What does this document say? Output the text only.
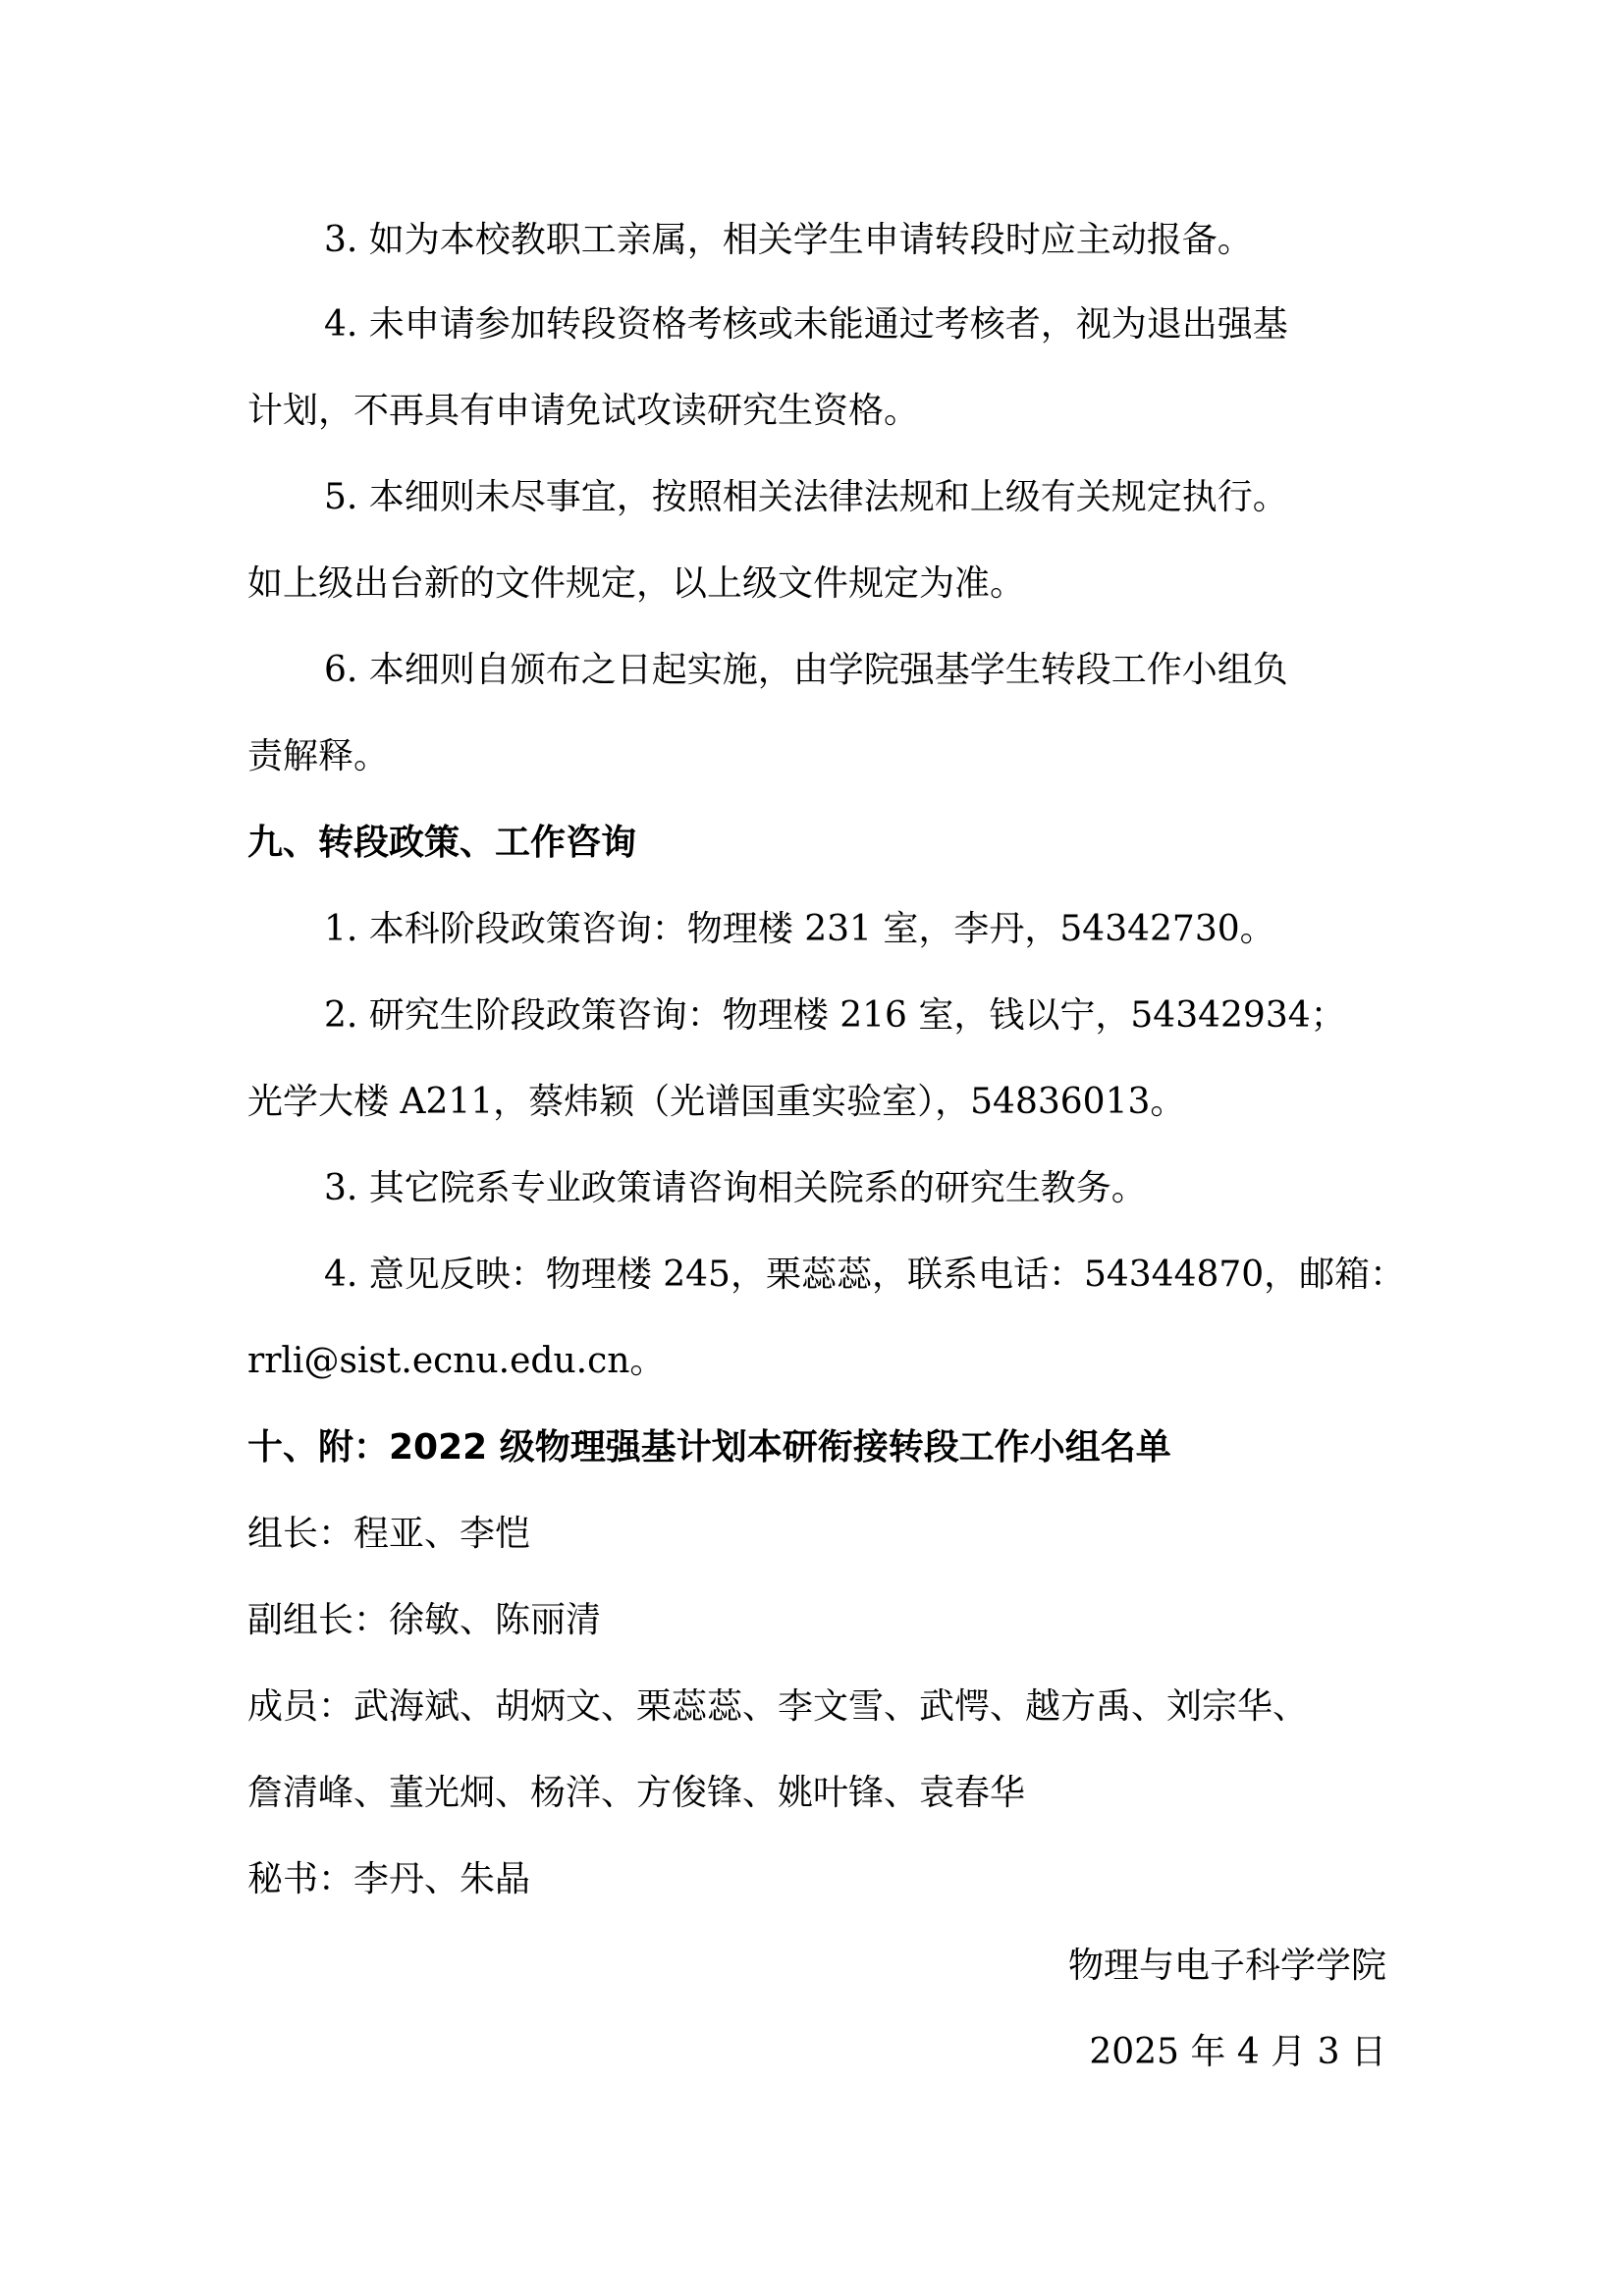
3. 如为本校教职工亲属，相关学生申请转段时应主动报备。
4. 未申请参加转段资格考核或未能通过考核者，视为退出强基
计划，不再具有申请免试攻读研究生资格。
5. 本细则未尽事宜，按照相关法律法规和上级有关规定执行。
如上级出台新的文件规定，以上级文件规定为准。
6. 本细则自颁布之日起实施，由学院强基学生转段工作小组负
责解释。
九、转段政策、工作咨询
1. 本科阶段政策咨询：物理楼 231 室，李丹，54342730。
2. 研究生阶段政策咨询：物理楼 216 室，钱以宁，54342934；
光学大楼 A211，蔡炜颖（光谱国重实验室），54836013。
3. 其它院系专业政策请咨询相关院系的研究生教务。
4. 意见反映：物理楼 245，栗蕊蕊，联系电话：54344870，邮箱：
rrli@sist.ecnu.edu.cn。
十、附：2022 级物理强基计划本研衔接转段工作小组名单
组长：程亚、李恺
副组长：徐敏、陈丽清
成员：武海斌、胡炳文、栗蕊蕊、李文雪、武愕、越方禹、刘宗华、
詹清峰、董光炯、杨洋、方俊锋、姚叶锋、袁春华
秘书：李丹、朱晶
物理与电子科学学院
2025 年 4 月 3 日
